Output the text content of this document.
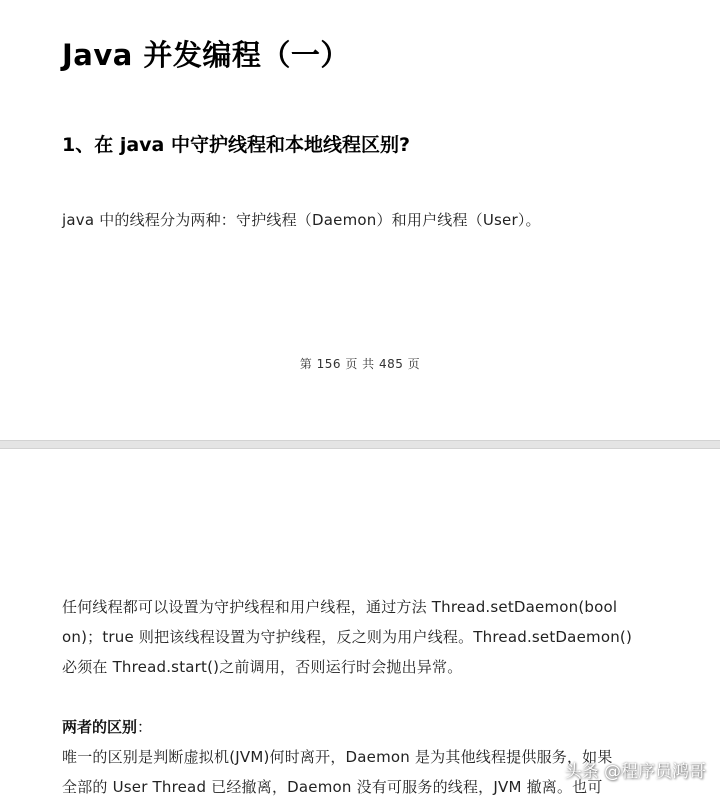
Java 并发编程（一）
1、在 java 中守护线程和本地线程区别?

java 中的线程分为两种：守护线程（Daemon）和用户线程（User）。

第 156 页 共 485 页

任何线程都可以设置为守护线程和用户线程，通过方法 Thread.setDaemon(bool

on)；true 则把该线程设置为守护线程，反之则为用户线程。Thread.setDaemon()

必须在 Thread.start()之前调用，否则运行时会抛出异常。

两者的区别：

唯一的区别是判断虚拟机(JVM)何时离开，Daemon 是为其他线程提供服务，如果

全部的 User Thread 已经撤离，Daemon 没有可服务的线程，JVM 撤离。也可

头条 @程序员鸿哥
